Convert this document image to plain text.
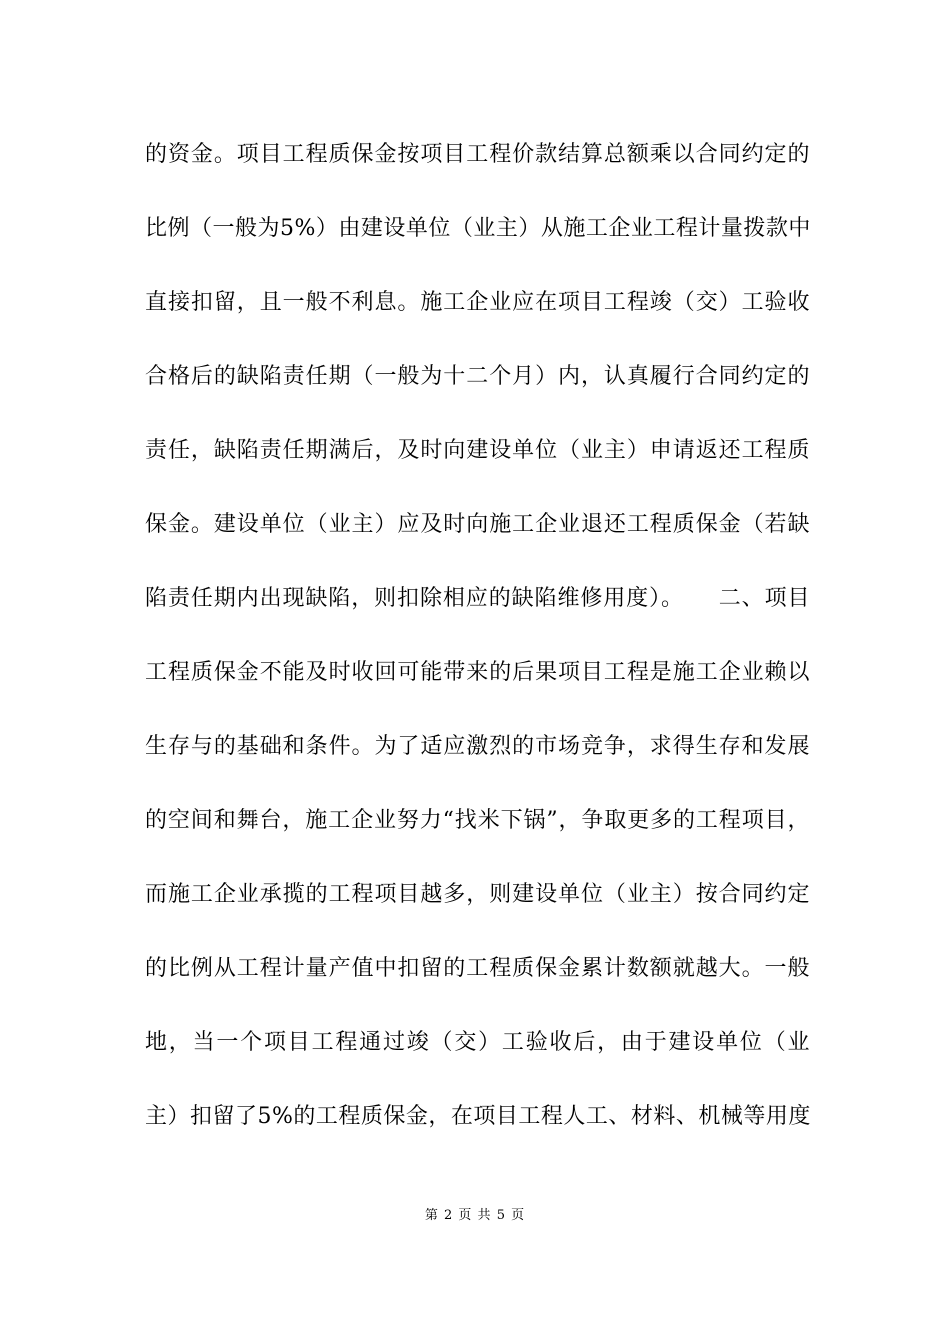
的资金。项目工程质保金按项目工程价款结算总额乘以合同约定的
比例（一般为5%）由建设单位（业主）从施工企业工程计量拨款中
直接扣留，且一般不利息。施工企业应在项目工程竣（交）工验收
合格后的缺陷责任期（一般为十二个月）内，认真履行合同约定的
责任，缺陷责任期满后，及时向建设单位（业主）申请返还工程质
保金。建设单位（业主）应及时向施工企业退还工程质保金（若缺
陷责任期内出现缺陷，则扣除相应的缺陷维修用度）。　　二、项目
工程质保金不能及时收回可能带来的后果项目工程是施工企业赖以
生存与的基础和条件。为了适应激烈的市场竞争，求得生存和发展
的空间和舞台，施工企业努力“找米下锅”，争取更多的工程项目，
而施工企业承揽的工程项目越多，则建设单位（业主）按合同约定
的比例从工程计量产值中扣留的工程质保金累计数额就越大。一般
地，当一个项目工程通过竣（交）工验收后，由于建设单位（业
主）扣留了5%的工程质保金，在项目工程人工、材料、机械等用度
第 2 页 共 5 页
